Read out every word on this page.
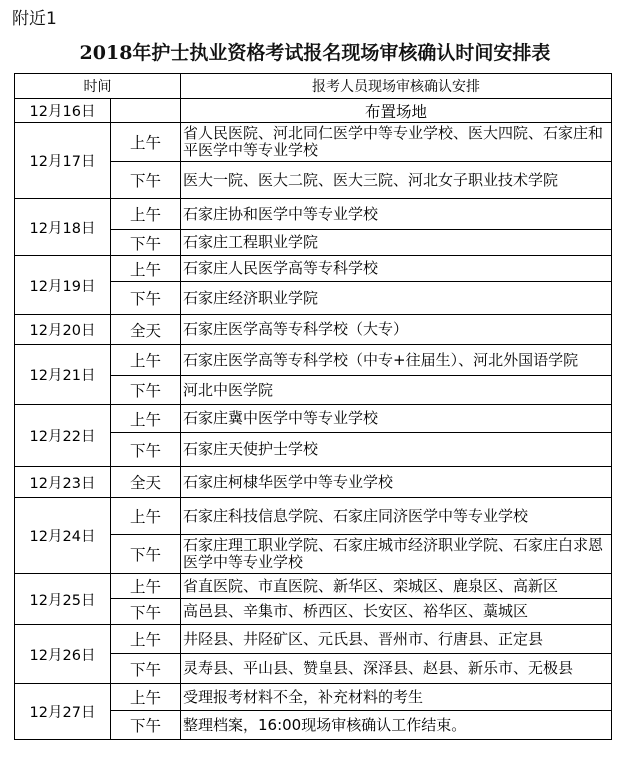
附近1
2018年护士执业资格考试报名现场审核确认时间安排表
时间		报考人员现场审核确认安排
12月16日		布置场地
12月17日	上午	省人民医院、河北同仁医学中等专业学校、医大四院、石家庄和平医学中等专业学校
	下午	医大一院、医大二院、医大三院、河北女子职业技术学院
12月18日	上午	石家庄协和医学中等专业学校
	下午	石家庄工程职业学院
12月19日	上午	石家庄人民医学高等专科学校
	下午	石家庄经济职业学院
12月20日	全天	石家庄医学高等专科学校（大专）
12月21日	上午	石家庄医学高等专科学校（中专+往届生）、河北外国语学院
	下午	河北中医学院
12月22日	上午	石家庄冀中医学中等专业学校
	下午	石家庄天使护士学校
12月23日	全天	石家庄柯棣华医学中等专业学校
12月24日	上午	石家庄科技信息学院、石家庄同济医学中等专业学校
	下午	石家庄理工职业学院、石家庄城市经济职业学院、石家庄白求恩医学中等专业学校
12月25日	上午	省直医院、市直医院、新华区、栾城区、鹿泉区、高新区
	下午	高邑县、辛集市、桥西区、长安区、裕华区、藁城区
12月26日	上午	井陉县、井陉矿区、元氏县、晋州市、行唐县、正定县
	下午	灵寿县、平山县、赞皇县、深泽县、赵县、新乐市、无极县
12月27日	上午	受理报考材料不全，补充材料的考生
	下午	整理档案，16:00现场审核确认工作结束。
